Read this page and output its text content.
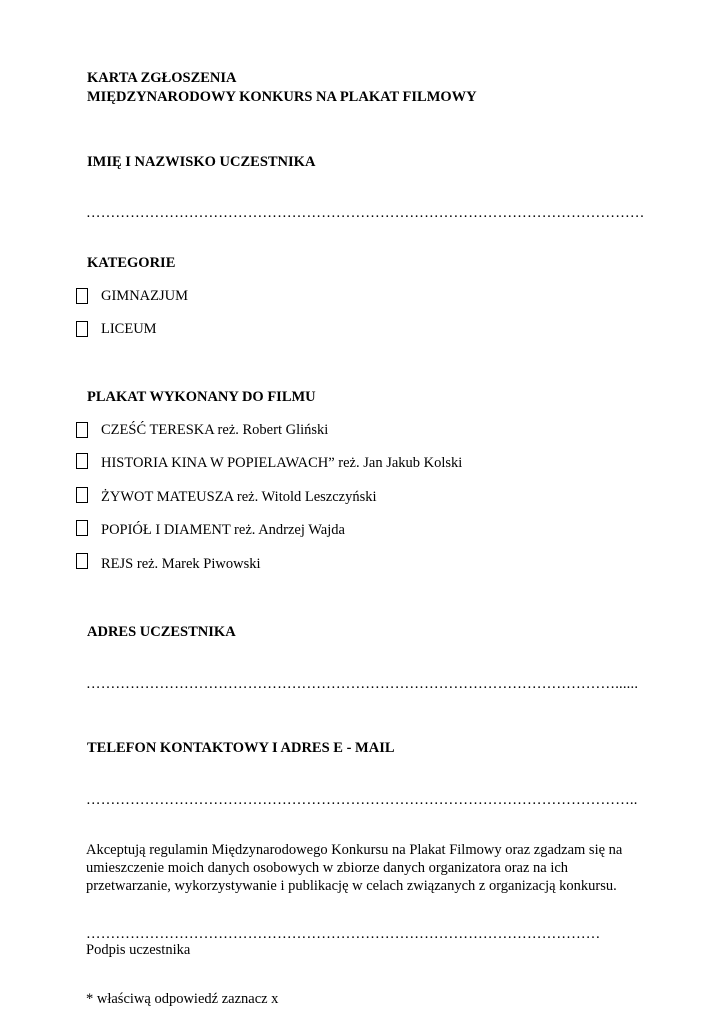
KARTA ZGŁOSZENIA
MIĘDZYNARODOWY KONKURS NA PLAKAT FILMOWY
IMIĘ I NAZWISKO UCZESTNIKA
……………………………………………………………………………………………………
KATEGORIE
GIMNAZJUM
LICEUM
PLAKAT WYKONANY DO FILMU
CZEŚĆ TERESKA reż. Robert Gliński
HISTORIA KINA W POPIELAWACH” reż. Jan Jakub Kolski
ŻYWOT MATEUSZA reż. Witold Leszczyński
POPIÓŁ I DIAMENT reż. Andrzej Wajda
REJS reż. Marek Piwowski
ADRES UCZESTNIKA
………………………………………………………………………………………………......
TELEFON KONTAKTOWY I ADRES E - MAIL
…………………………………………………………………………………………………..
Akceptują regulamin Międzynarodowego Konkursu na Plakat Filmowy oraz zgadzam się na umieszczenie moich danych osobowych w zbiorze danych organizatora oraz na ich przetwarzanie, wykorzystywanie i publikację w celach związanych z organizacją konkursu.
……………………………………………………………………………………………
Podpis uczestnika
* właściwą odpowiedź zaznacz x
